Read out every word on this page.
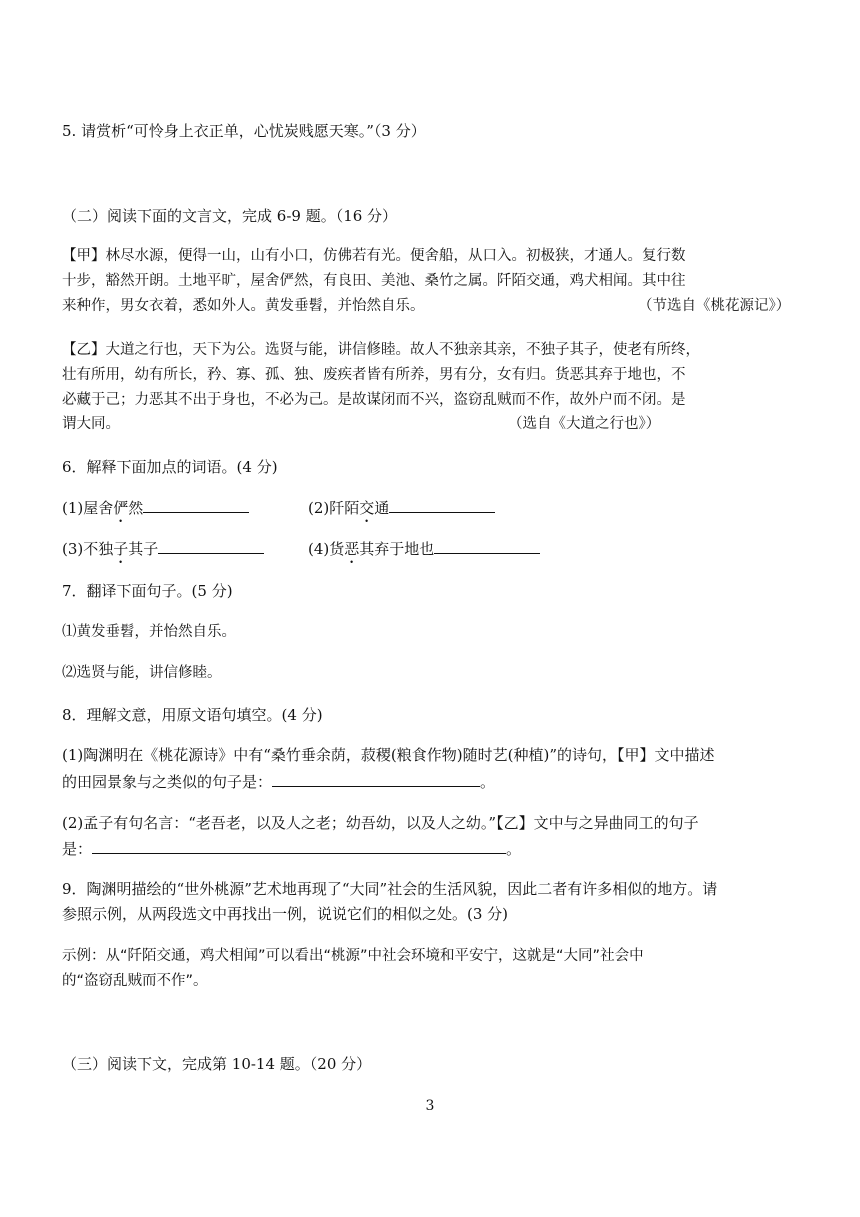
5. 请赏析“可怜身上衣正单，心忧炭贱愿天寒。”（3 分）
（二）阅读下面的文言文，完成 6-9 题。（16 分）
【甲】林尽水源，便得一山，山有小口，仿佛若有光。便舍船，从口入。初极狭，才通人。复行数
十步，豁然开朗。土地平旷，屋舍俨然，有良田、美池、桑竹之属。阡陌交通，鸡犬相闻。其中往
来种作，男女衣着，悉如外人。黄发垂髫，并怡然自乐。	（节选自《桃花源记》）
【乙】大道之行也，天下为公。选贤与能，讲信修睦。故人不独亲其亲，不独子其子，使老有所终，
壮有所用，幼有所长，矜、寡、孤、独、废疾者皆有所养，男有分，女有归。货恶其弃于地也，不
必藏于己；力恶其不出于身也，不必为己。是故谋闭而不兴，盗窃乱贼而不作，故外户而不闭。是
谓大同。	（选自《大道之行也》）
6．解释下面加点的词语。(4 分)
(1)屋舍俨然	(2)阡陌交通
(3)不独子其子	(4)货恶其弃于地也
7．翻译下面句子。(5 分)
⑴黄发垂髫，并怡然自乐。
⑵选贤与能，讲信修睦。
8．理解文意，用原文语句填空。(4 分)
(1)陶渊明在《桃花源诗》中有“桑竹垂余荫，菽稷(粮食作物)随时艺(种植)”的诗句，【甲】文中描述
的田园景象与之类似的句子是：	。
(2)孟子有句名言：“老吾老，以及人之老；幼吾幼，以及人之幼。”【乙】文中与之异曲同工的句子
是：	。
9．陶渊明描绘的“世外桃源”艺术地再现了“大同”社会的生活风貌，因此二者有许多相似的地方。请
参照示例，从两段选文中再找出一例，说说它们的相似之处。(3 分)
示例：从“阡陌交通，鸡犬相闻”可以看出“桃源”中社会环境和平安宁，这就是“大同”社会中
的“盗窃乱贼而不作”。
（三）阅读下文，完成第 10-14 题。（20 分）
3
